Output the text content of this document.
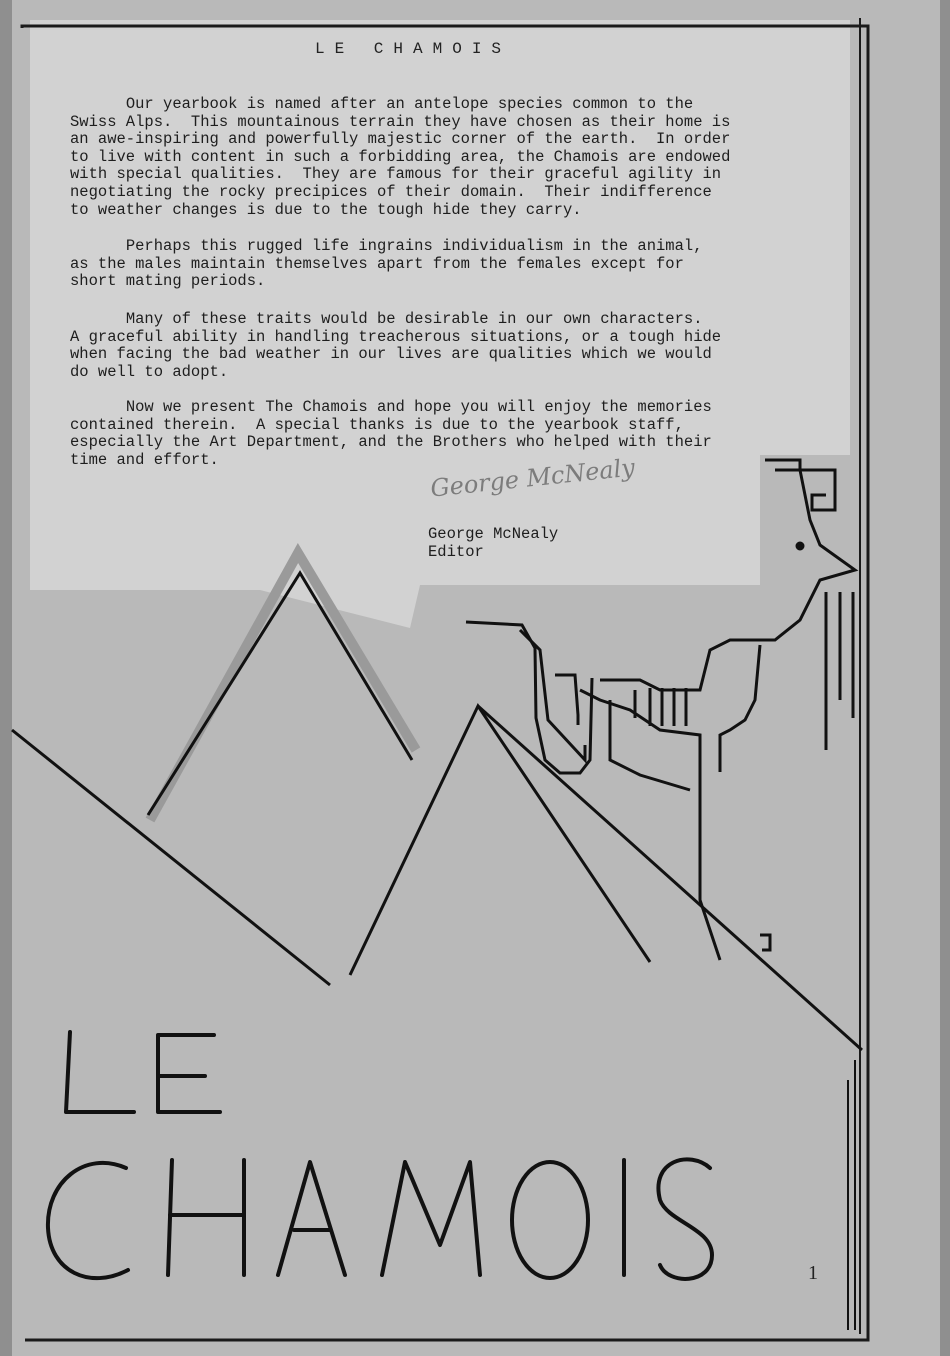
LE CHAMOIS
Our yearbook is named after an antelope species common to the
Swiss Alps.  This mountainous terrain they have chosen as their home is
an awe-inspiring and powerfully majestic corner of the earth.  In order
to live with content in such a forbidding area, the Chamois are endowed
with special qualities.  They are famous for their graceful agility in
negotiating the rocky precipices of their domain.  Their indifference
to weather changes is due to the tough hide they carry.
Perhaps this rugged life ingrains individualism in the animal,
as the males maintain themselves apart from the females except for
short mating periods.
Many of these traits would be desirable in our own characters.
A graceful ability in handling treacherous situations, or a tough hide
when facing the bad weather in our lives are qualities which we would
do well to adopt.
Now we present The Chamois and hope you will enjoy the memories
contained therein.  A special thanks is due to the yearbook staff,
especially the Art Department, and the Brothers who helped with their
time and effort.	George McNealy
George McNealy
Editor
1
